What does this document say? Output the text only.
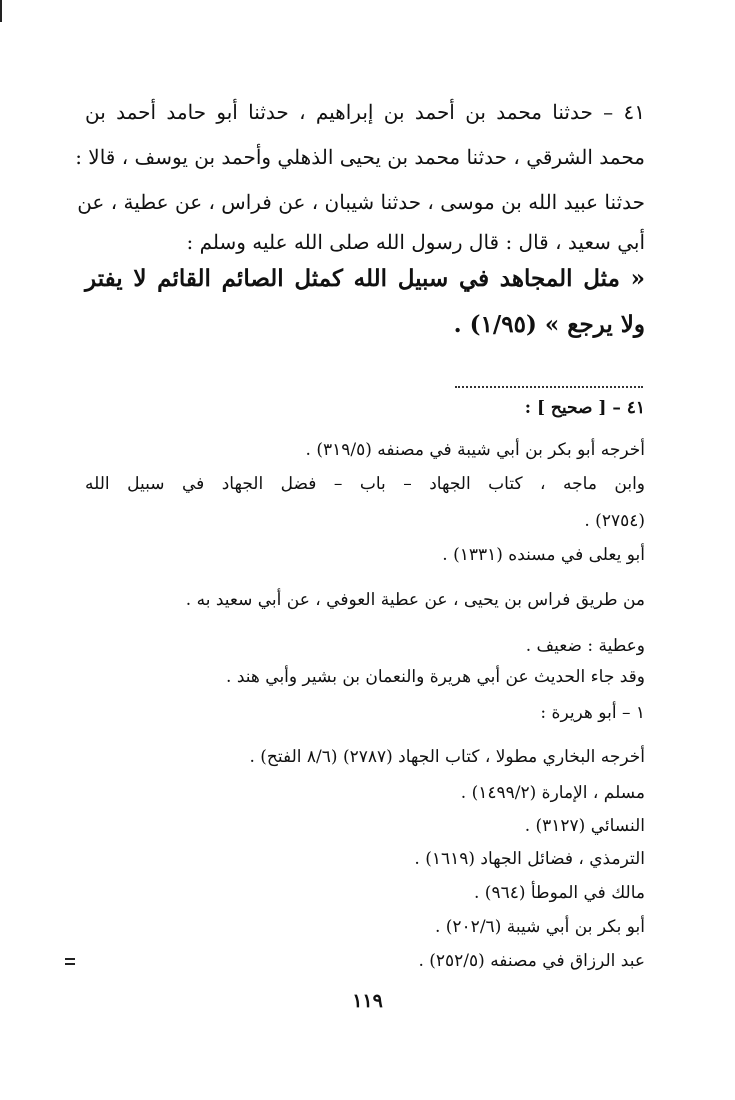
٤١ – حدثنا محمد بن أحمد بن إبراهيم ، حدثنا أبو حامد أحمد بن
محمد الشرقي ، حدثنا محمد بن يحيى الذهلي وأحمد بن يوسف ، قالا :
حدثنا عبيد الله بن موسى ، حدثنا شيبان ، عن فراس ، عن عطية ، عن
أبي سعيد ، قال : قال رسول الله صلى الله عليه وسلم :
« مثل المجاهد في سبيل الله كمثل الصائم القائم لا يفتر
ولا يرجع » (١/٩٥) .
٤١ – [ صحيح ] :
أخرجه أبو بكر بن أبي شيبة في مصنفه (٣١٩/٥) .
وابن ماجه ، كتاب الجهاد – باب – فضل الجهاد في سبيل الله
(٢٧٥٤) .
أبو يعلى في مسنده (١٣٣١) .
من طريق فراس بن يحيى ، عن عطية العوفي ، عن أبي سعيد به .
وعطية : ضعيف .
وقد جاء الحديث عن أبي هريرة والنعمان بن بشير وأبي هند .
١ – أبو هريرة :
أخرجه البخاري مطولا ، كتاب الجهاد (٢٧٨٧) (٨/٦ الفتح) .
مسلم ، الإمارة (١٤٩٩/٢) .
النسائي (٣١٢٧) .
الترمذي ، فضائل الجهاد (١٦١٩) .
مالك في الموطأ (٩٦٤) .
أبو بكر بن أبي شيبة (٢٠٢/٦) .
عبد الرزاق في مصنفه (٢٥٢/٥) .
١١٩
